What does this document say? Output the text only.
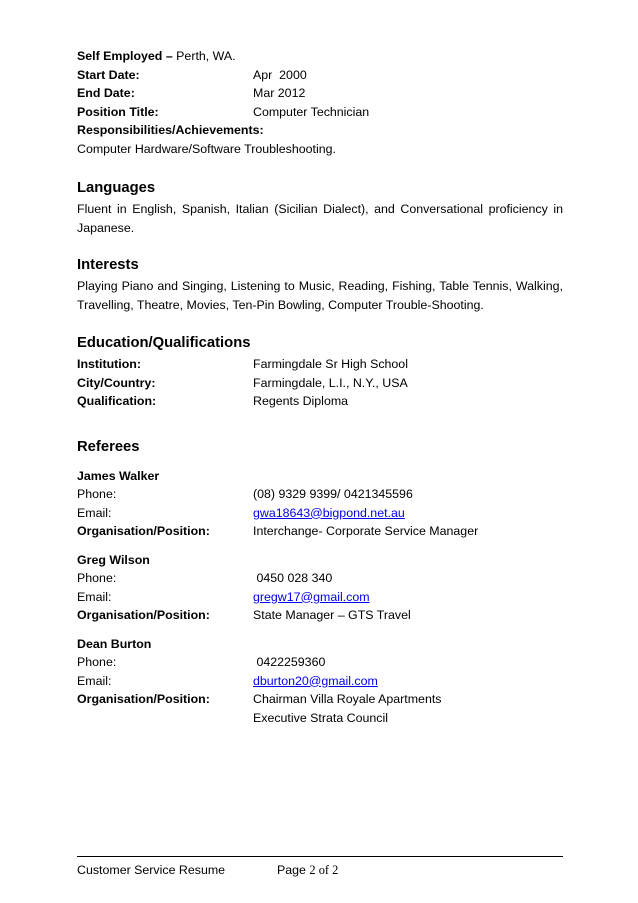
Self Employed – Perth, WA.
Start Date:	Apr  2000
End Date:	Mar 2012
Position Title:	Computer Technician
Responsibilities/Achievements:
Computer Hardware/Software Troubleshooting.
Languages
Fluent in English, Spanish, Italian (Sicilian Dialect), and Conversational proficiency in Japanese.
Interests
Playing Piano and Singing, Listening to Music, Reading, Fishing, Table Tennis, Walking, Travelling, Theatre, Movies, Ten-Pin Bowling, Computer Trouble-Shooting.
Education/Qualifications
Institution:	Farmingdale Sr High School
City/Country:	Farmingdale, L.I., N.Y., USA
Qualification:	Regents Diploma
Referees
James Walker
Phone:	(08) 9329 9399/ 0421345596
Email:	gwa18643@bigpond.net.au
Organisation/Position:	Interchange- Corporate Service Manager
Greg Wilson
Phone:	0450 028 340
Email:	gregw17@gmail.com
Organisation/Position:	State Manager – GTS Travel
Dean Burton
Phone:	0422259360
Email:	dburton20@gmail.com
Organisation/Position:	Chairman Villa Royale Apartments
Executive Strata Council
Customer Service Resume	Page 2 of 2
